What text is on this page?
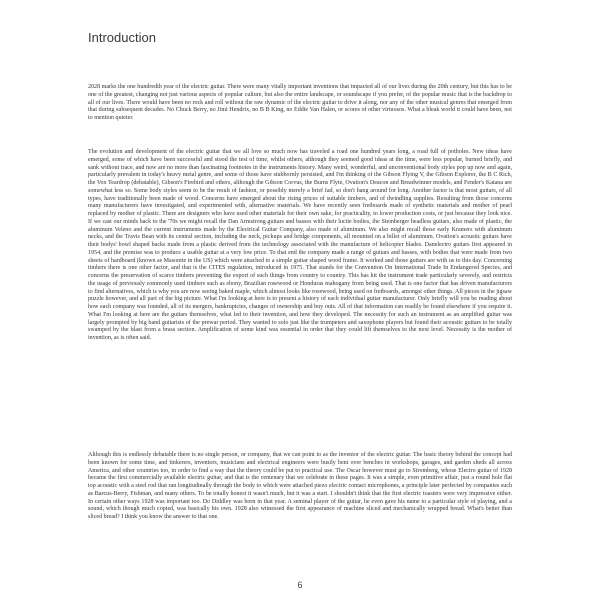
Introduction

2028 marks the one hundredth year of the electric guitar. There were many vitally important inventions that impacted all of our lives during the 20th century, but this has to be one of the greatest, changing not just various aspects of popular culture, but also the entire landscape, or soundscape if you prefer, of the popular music that is the backdrop to all of our lives. There would have been no rock and roll without the raw dynamic of the electric guitar to drive it along, nor any of the other musical genres that emerged from that during subsequent decades. No Chuck Berry, no Jimi Hendrix, no B B King, no Eddie Van Halen, or scores of other virtuosos. What a bleak world it could have been, not to mention quieter.

The evolution and development of the electric guitar that we all love so much now has traveled a road one hundred years long, a road full of potholes. New ideas have emerged, some of which have been successful and stood the test of time, whilst others, although they seemed good ideas at the time, were less popular, burned briefly, and sank without trace, and now are no more than fascinating footnotes in the instruments history. Many weird, wonderful, and unconventional body styles pop up now and again, particularly prevalent in today's heavy metal genre, and some of those have stubbornly persisted, and I'm thinking of the Gibson Flying V, the Gibson Explorer, the B C Rich, the Vox Teardrop (debatable), Gibson's Firebird and others, although the Gibson Corvus, the Burns Flyte, Ovation's Deacon and Breadwinner models, and Fender's Katana are somewhat less so. Some body styles seem to be the result of fashion, or possibly merely a brief fad, so don't hang around for long. Another factor is that most guitars, of all types, have traditionally been made of wood. Concerns have emerged about the rising prices of suitable timbers, and of dwindling supplies. Resulting from those concerns many manufacturers have investigated, and experimented with, alternative materials. We have recently seen fretboards made of synthetic materials and mother of pearl replaced by mother of plastic. There are designers who have used other materials for their own sake, for practicality, to lower production costs, or just because they look nice. If we cast our minds back to the '70s we might recall the Dan Armstrong guitars and basses with their lucite bodies, the Steinberger headless guitars, also made of plastic, the aluminum Veleno and the current instruments made by the Electrical Guitar Company, also made of aluminum. We also might recall those early Kramers with aluminum necks, and the Travis Bean with its central section, including the neck, pickups and bridge components, all mounted on a billet of aluminum. Ovation's acoustic guitars have their bodys' bowl shaped backs made from a plastic derived from the technology associated with the manufacture of helicopter blades. Danelectro guitars first appeared in 1954, and the premise was to produce a usable guitar at a very low price. To that end the company made a range of guitars and basses, with bodies that were made from two sheets of hardboard (known as Masonite in the US) which were attached to a simple guitar shaped wood frame. It worked and those guitars are with us to this day. Concerning timbers there is one other factor, and that is the CITES regulation, introduced in 1975. That stands for the Convention On International Trade In Endangered Species, and concerns the preservation of scarce timbers preventing the export of such things from country to country. This has hit the instrument trade particularly severely, and restricts the usage of previously commonly used timbers such as ebony, Brazilian rosewood or Honduras mahogany from being used. That is one factor that has driven manufacturers to find alternatives, which is why you are now seeing baked maple, which almost looks like rosewood, being used on fretboards, amongst other things. All pieces in the jigsaw puzzle however, and all part of the big picture. What I'm looking at here is to present a history of each individual guitar manufacturer. Only briefly will you be reading about how each company was founded, all of its mergers, bankruptcies, changes of ownership and buy outs. All of that information can readily be found elsewhere if you require it. What I'm looking at here are the guitars themselves, what led to their invention, and how they developed. The necessity for such an instrument as an amplified guitar was largely prompted by big band guitarists of the prewar period. They wanted to solo just like the trumpeters and saxophone players but found their acoustic guitars to be totally swamped by the blast from a brass section. Amplification of some kind was essential in order that they could lift themselves to the next level. Necessity is the mother of invention, as is often said.

Although this is endlessly debatable there is no single person, or company, that we can point to as the inventor of the electric guitar. The basic theory behind the concept had been known for some time, and tinkerers, inventors, musicians and electrical engineers were busily bent over benches in workshops, garages, and garden sheds all across America, and other countries too, in order to find a way that the theory could be put to practical use. The Oscar however must go to Stromberg, whose Electro guitar of 1928 became the first commercially available electric guitar, and that is the centenary that we celebrate in these pages. It was a simple, even primitive affair, just a round hole flat top acoustic with a steel rod that ran longitudinally through the body to which were attached piezo electric contact microphones, a principle later perfected by companies such as Barcus-Berry, Fishman, and many others. To be totally honest it wasn't much, but it was a start. I shouldn't think that the first electric toasters were very impressive either. In certain other ways 1928 was important too. Do Diddley was born in that year. A seminal player of the guitar, he even gave his name to a particular style of playing, and a sound, which though much copied, was basically his own. 1928 also witnessed the first appearance of machine sliced and mechanically wrapped bread. What's better than sliced bread? I think you know the answer to that one.

6
